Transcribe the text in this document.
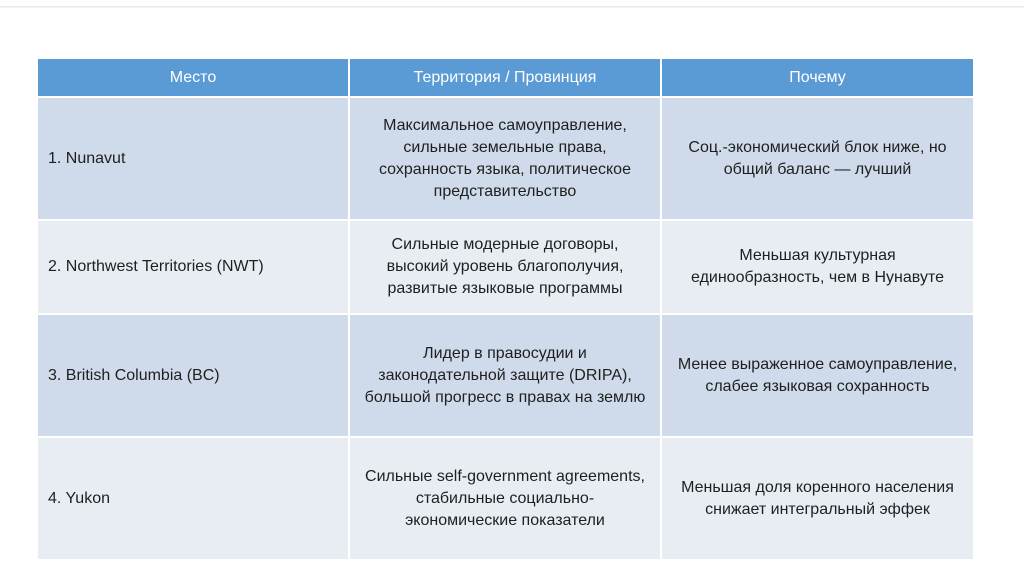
Место	Территория / Провинция	Почему
1. Nunavut	Максимальное самоуправление, сильные земельные права, сохранность языка, политическое представительство	Соц.-экономический блок ниже, но общий баланс — лучший
2. Northwest Territories (NWT)	Сильные модерные договоры, высокий уровень благополучия, развитые языковые программы	Меньшая культурная единообразность, чем в Нунавуте
3. British Columbia (BC)	Лидер в правосудии и законодательной защите (DRIPA), большой прогресс в правах на землю	Менее выраженное самоуправление, слабее языковая сохранность
4. Yukon	Сильные self-government agreements, стабильные социально-экономические показатели	Меньшая доля коренного населения снижает интегральный эффек
